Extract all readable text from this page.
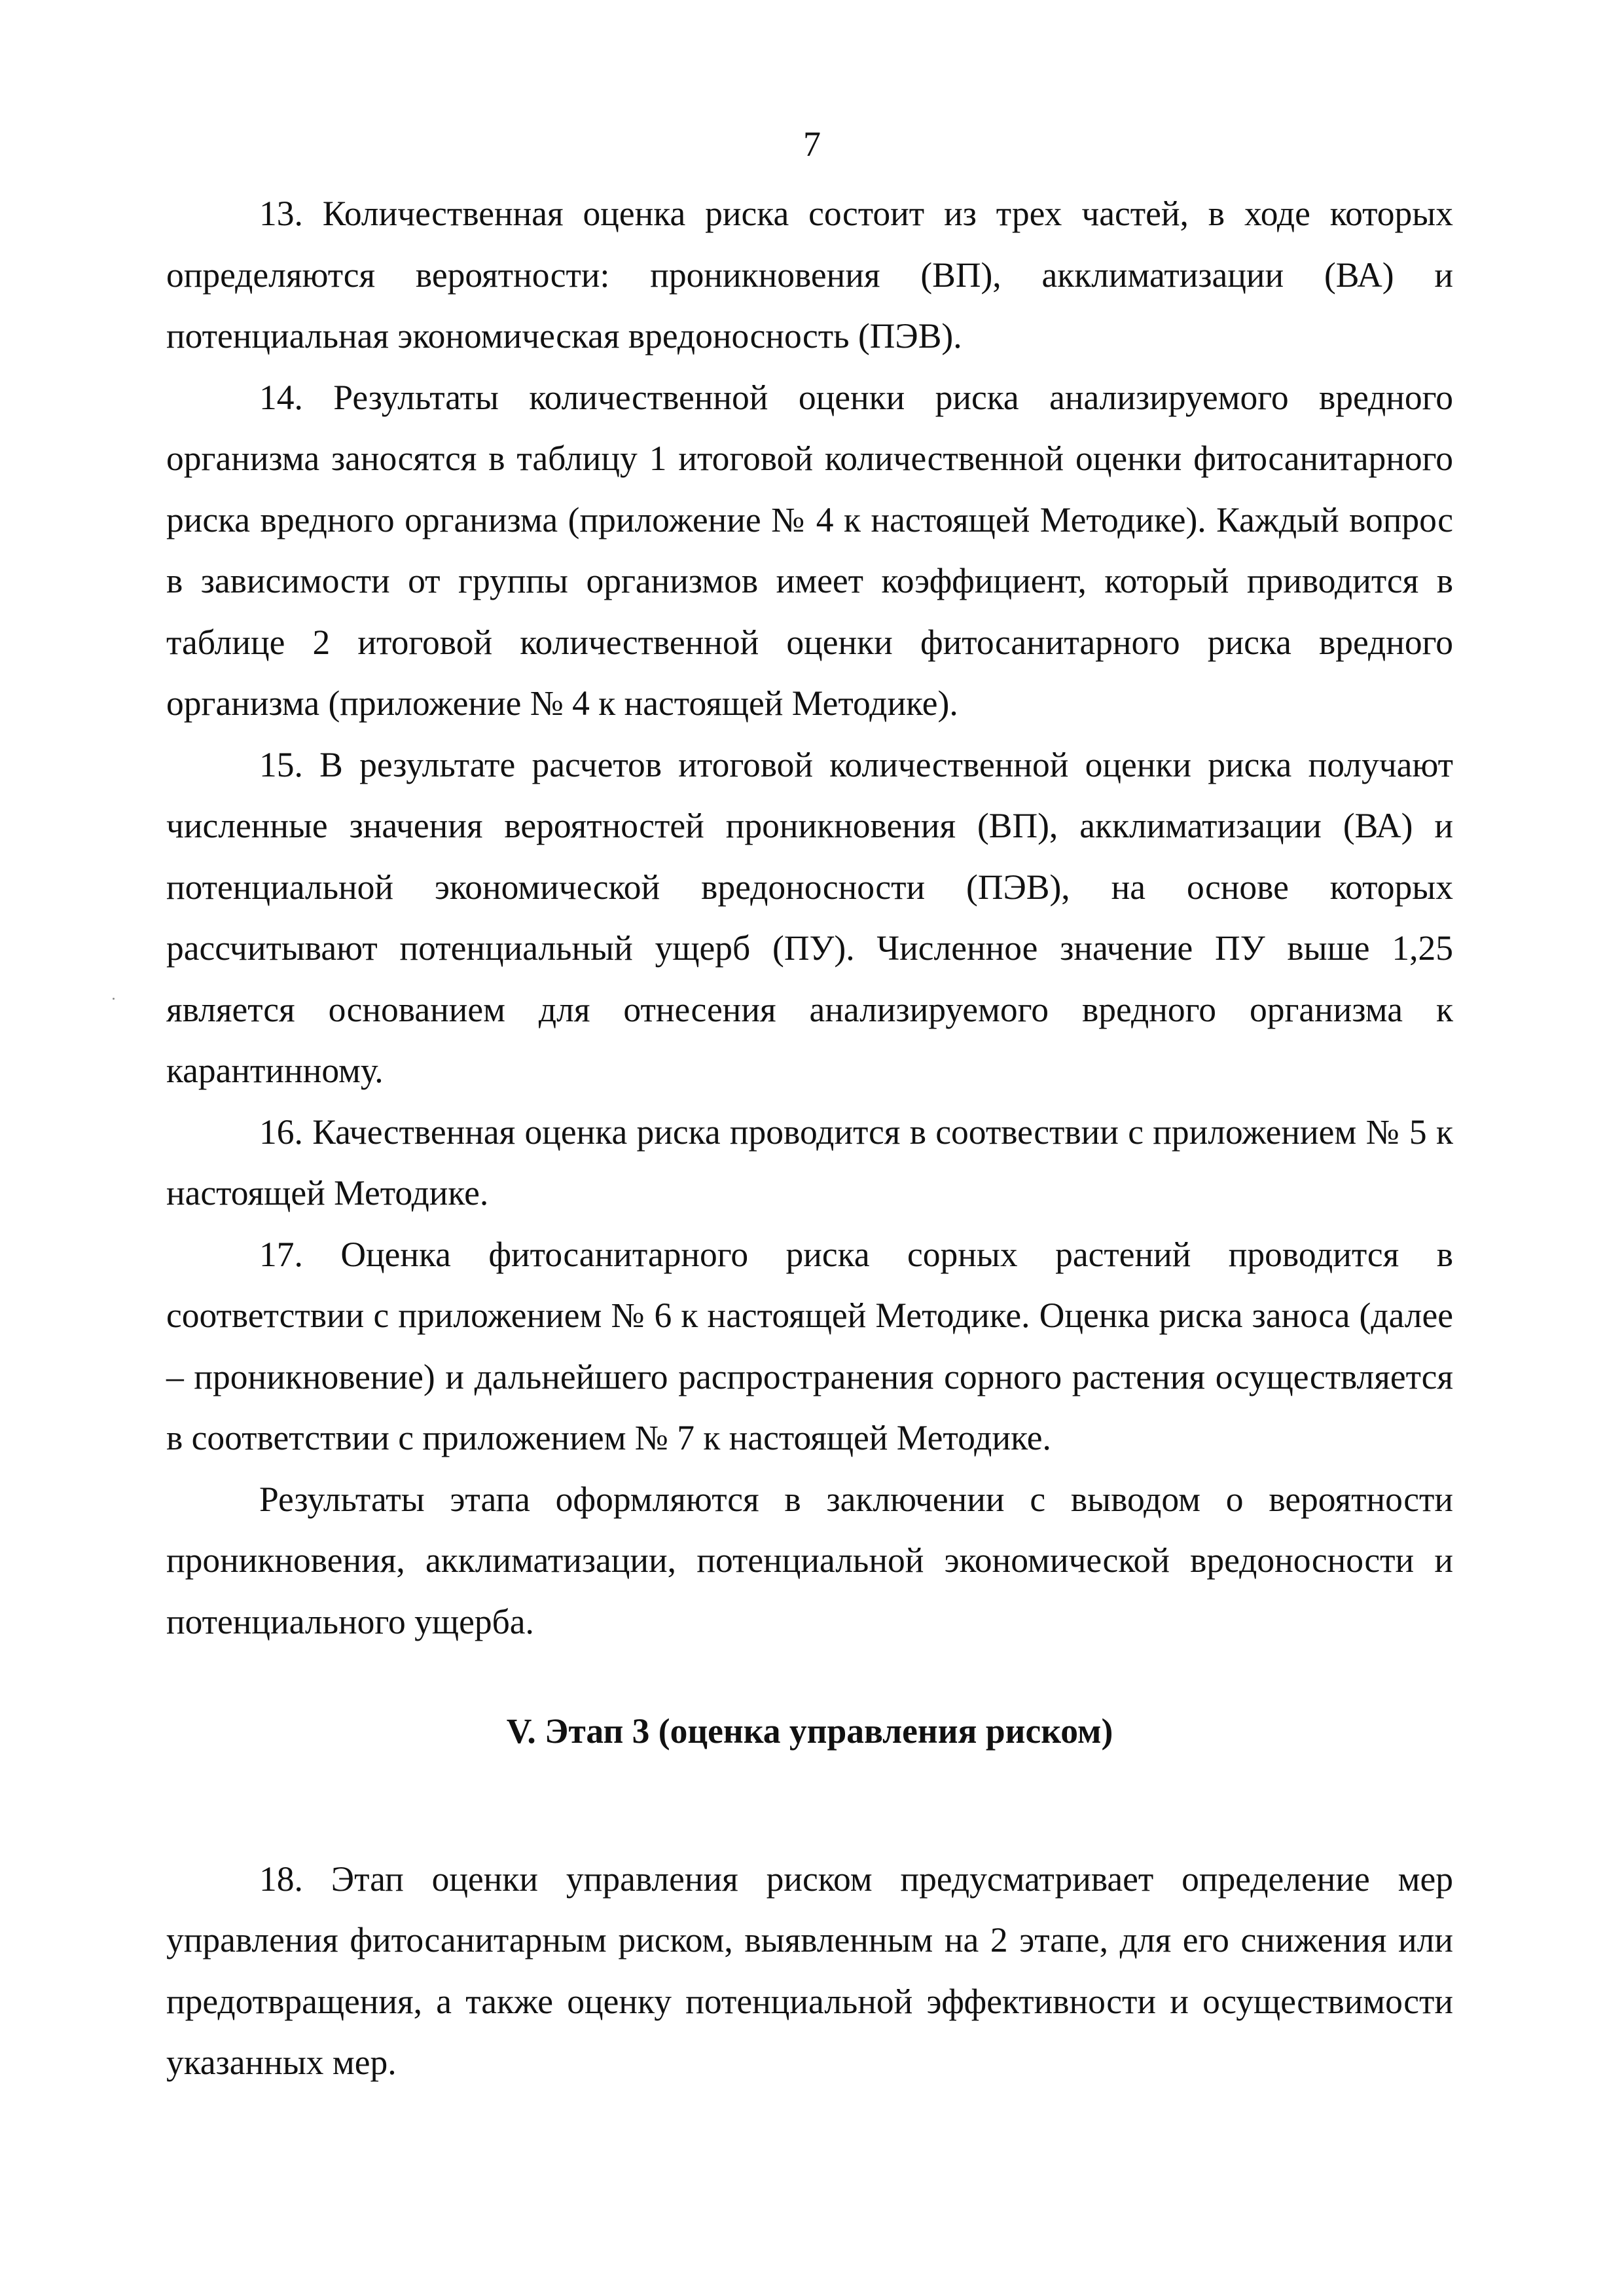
7

13. Количественная оценка риска состоит из трех частей, в ходе которых определяются вероятности: проникновения (ВП), акклиматизации (ВА) и потенциальная экономическая вредоносность (ПЭВ).

14. Результаты количественной оценки риска анализируемого вредного организма заносятся в таблицу 1 итоговой количественной оценки фитосанитарного риска вредного организма (приложение № 4 к настоящей Методике). Каждый вопрос в зависимости от группы организмов имеет коэффициент, который приводится в таблице 2 итоговой количественной оценки фитосанитарного риска вредного организма (приложение № 4 к настоящей Методике).

15. В результате расчетов итоговой количественной оценки риска получают численные значения вероятностей проникновения (ВП), акклиматизации (ВА) и потенциальной экономической вредоносности (ПЭВ), на основе которых рассчитывают потенциальный ущерб (ПУ). Численное значение ПУ выше 1,25 является основанием для отнесения анализируемого вредного организма к карантинному.

16. Качественная оценка риска проводится в соотвествии с приложением № 5 к настоящей Методике.

17. Оценка фитосанитарного риска сорных растений проводится в соответствии с приложением № 6 к настоящей Методике. Оценка риска заноса (далее – проникновение) и дальнейшего распространения сорного растения осуществляется в соответствии с приложением № 7 к настоящей Методике.

Результаты этапа оформляются в заключении с выводом о вероятности проникновения, акклиматизации, потенциальной экономической вредоносности и потенциального ущерба.

V. Этап 3 (оценка управления риском)

18. Этап оценки управления риском предусматривает определение мер управления фитосанитарным риском, выявленным на 2 этапе, для его снижения или предотвращения, а также оценку потенциальной эффективности и осуществимости указанных мер.
